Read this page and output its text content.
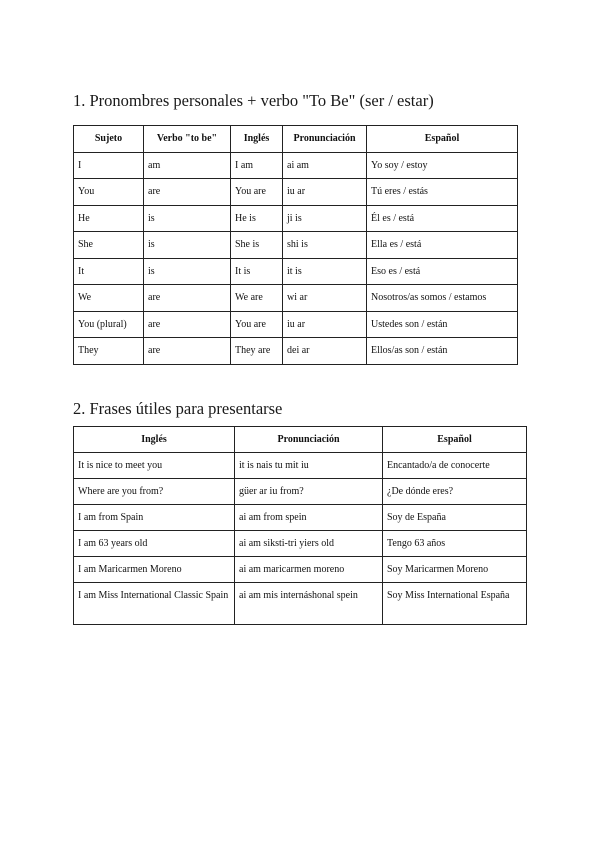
1. Pronombres personales + verbo "To Be" (ser / estar)
Sujeto	Verbo "to be"	Inglés	Pronunciación	Español
I	am	I am	ai am	Yo soy / estoy
You	are	You are	iu ar	Tú eres / estás
He	is	He is	ji is	Él es / está
She	is	She is	shi is	Ella es / está
It	is	It is	it is	Eso es / está
We	are	We are	wi ar	Nosotros/as somos / estamos
You (plural)	are	You are	iu ar	Ustedes son / están
They	are	They are	dei ar	Ellos/as son / están
2. Frases útiles para presentarse
Inglés	Pronunciación	Español
It is nice to meet you	it is nais tu mit iu	Encantado/a de conocerte
Where are you from?	güer ar iu from?	¿De dónde eres?
I am from Spain	ai am from spein	Soy de España
I am 63 years old	ai am siksti-tri yiers old	Tengo 63 años
I am Maricarmen Moreno	ai am maricarmen moreno	Soy Maricarmen Moreno
I am Miss International Classic Spain	ai am mis internáshonal spein	Soy Miss International España
